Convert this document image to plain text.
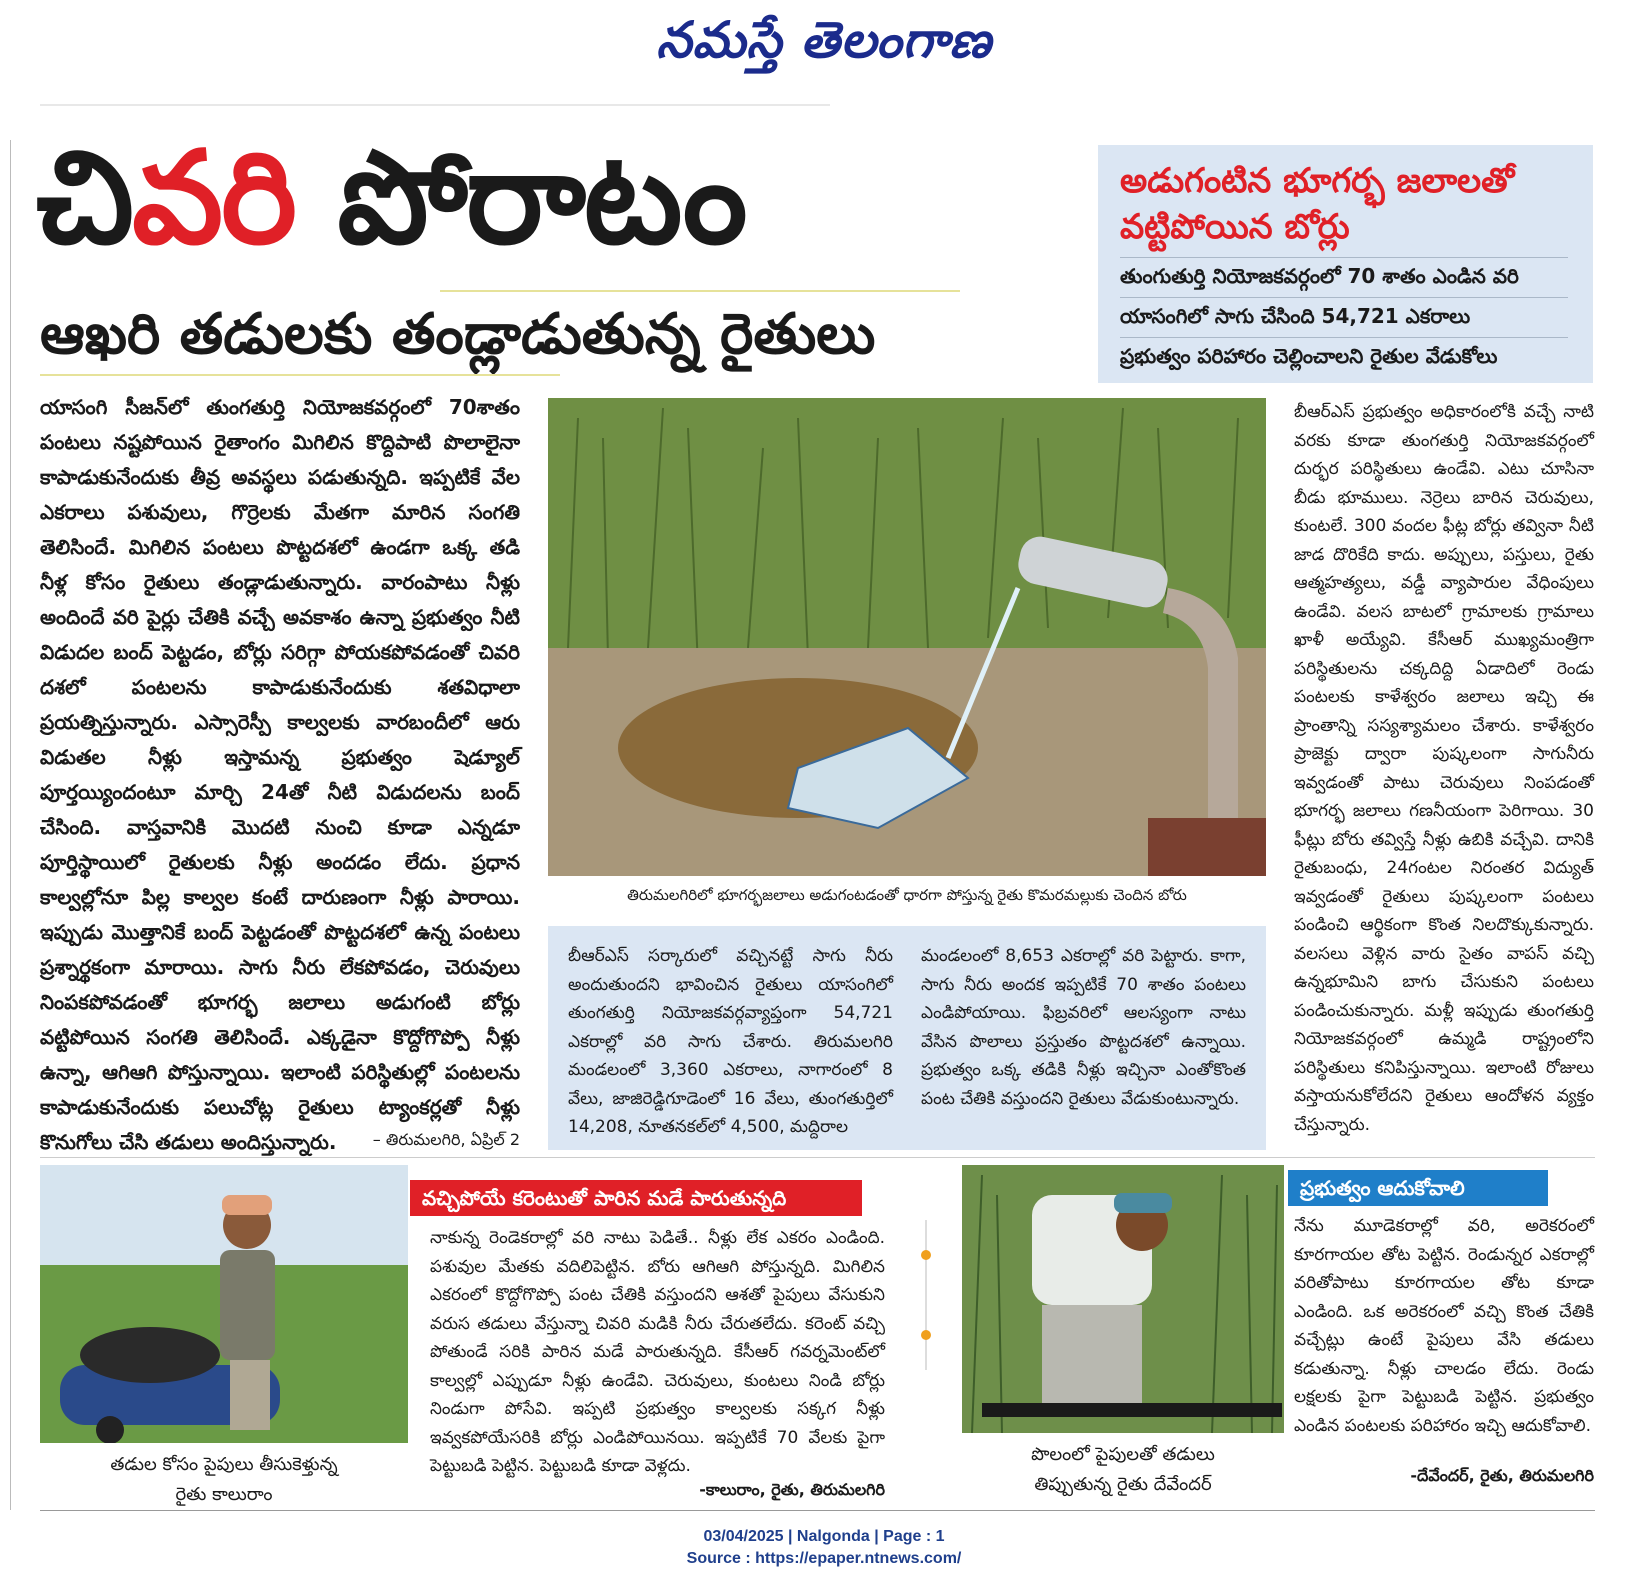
నమస్తే తెలంగాణ
చివరి పోరాటం
ఆఖరి తడులకు తండ్లాడుతున్న రైతులు
అడుగంటిన భూగర్భ జలాలతో వట్టిపోయిన బోర్లు
తుంగుతుర్తి నియోజకవర్గంలో 70 శాతం ఎండిన వరి
యాసంగిలో సాగు చేసింది 54,721 ఎకరాలు
ప్రభుత్వం పరిహారం చెల్లించాలని రైతుల వేడుకోలు
యాసంగి సీజన్‌లో తుంగతుర్తి నియోజకవర్గంలో 70శాతం పంటలు నష్టపోయిన రైతాంగం మిగిలిన కొద్దిపాటి పొలాలైనా కాపాడుకునేందుకు తీవ్ర అవస్థలు పడుతున్నది. ఇప్పటికే వేల ఎకరాలు పశువులు, గొర్రెలకు మేతగా మారిన సంగతి తెలిసిందే. మిగిలిన పంటలు పొట్టదశలో ఉండగా ఒక్క తడి నీళ్ల కోసం రైతులు తండ్లాడుతున్నారు. వారంపాటు నీళ్లు అందిందే వరి పైర్లు చేతికి వచ్చే అవకాశం ఉన్నా ప్రభుత్వం నీటి విడుదల బంద్ పెట్టడం, బోర్లు సరిగ్గా పోయకపోవడంతో చివరి దశలో పంటలను కాపాడుకునేందుకు శతవిధాలా ప్రయత్నిస్తున్నారు. ఎస్సారెస్పీ కాల్వలకు వారబందీలో ఆరు విడుతల నీళ్లు ఇస్తామన్న ప్రభుత్వం షెడ్యూల్ పూర్తయ్యిందంటూ మార్చి 24తో నీటి విడుదలను బంద్ చేసింది. వాస్తవానికి మొదటి నుంచి కూడా ఎన్నడూ పూర్తిస్థాయిలో రైతులకు నీళ్లు అందడం లేదు. ప్రధాన కాల్వల్లోనూ పిల్ల కాల్వల కంటే దారుణంగా నీళ్లు పారాయి. ఇప్పుడు మొత్తానికే బంద్ పెట్టడంతో పొట్టదశలో ఉన్న పంటలు ప్రశ్నార్థకంగా మారాయి. సాగు నీరు లేకపోవడం, చెరువులు నింపకపోవడంతో భూగర్భ జలాలు అడుగంటి బోర్లు వట్టిపోయిన సంగతి తెలిసిందే. ఎక్కడైనా కొద్దోగొప్పో నీళ్లు ఉన్నా, ఆగిఆగి పోస్తున్నాయి. ఇలాంటి పరిస్థితుల్లో పంటలను కాపాడుకునేందుకు పలుచోట్ల రైతులు ట్యాంకర్లతో నీళ్లు కొనుగోలు చేసి తడులు అందిస్తున్నారు.	– తిరుమలగిరి, ఏప్రిల్ 2
తిరుమలగిరిలో భూగర్భజలాలు అడుగంటడంతో ధారగా పోస్తున్న రైతు కొమరమల్లుకు చెందిన బోరు
బీఆర్‌ఎస్ సర్కారులో వచ్చినట్టే సాగు నీరు అందుతుందని భావించిన రైతులు యాసంగిలో తుంగతుర్తి నియోజకవర్గవ్యాప్తంగా 54,721 ఎకరాల్లో వరి సాగు చేశారు. తిరుమలగిరి మండలంలో 3,360 ఎకరాలు, నాగారంలో 8 వేలు, జాజిరెడ్డిగూడెంలో 16 వేలు, తుంగతుర్తిలో 14,208, నూతనకల్‌లో 4,500, మద్దిరాల
మండలంలో 8,653 ఎకరాల్లో వరి పెట్టారు. కాగా, సాగు నీరు అందక ఇప్పటికే 70 శాతం పంటలు ఎండిపోయాయి. ఫిబ్రవరిలో ఆలస్యంగా నాటు వేసిన పొలాలు ప్రస్తుతం పొట్టదశలో ఉన్నాయి. ప్రభుత్వం ఒక్క తడికి నీళ్లు ఇచ్చినా ఎంతోకొంత పంట చేతికి వస్తుందని రైతులు వేడుకుంటున్నారు.
బీఆర్‌ఎస్ ప్రభుత్వం అధికారంలోకి వచ్చే నాటి వరకు కూడా తుంగతుర్తి నియోజకవర్గంలో దుర్భర పరిస్థితులు ఉండేవి. ఎటు చూసినా బీడు భూములు. నెర్రెలు బారిన చెరువులు, కుంటలే. 300 వందల ఫీట్ల బోర్లు తవ్వినా నీటి జాడ దొరికేది కాదు. అప్పులు, పస్తులు, రైతు ఆత్మహత్యలు, వడ్డీ వ్యాపారుల వేధింపులు ఉండేవి. వలస బాటలో గ్రామాలకు గ్రామాలు ఖాళీ అయ్యేవి. కేసీఆర్ ముఖ్యమంత్రిగా పరిస్థితులను చక్కదిద్ది ఏడాదిలో రెండు పంటలకు కాళేశ్వరం జలాలు ఇచ్చి ఈ ప్రాంతాన్ని సస్యశ్యామలం చేశారు. కాళేశ్వరం ప్రాజెక్టు ద్వారా పుష్కలంగా సాగునీరు ఇవ్వడంతో పాటు చెరువులు నింపడంతో భూగర్భ జలాలు గణనీయంగా పెరిగాయి. 30 ఫీట్లు బోరు తవ్విస్తే నీళ్లు ఉబికి వచ్చేవి. దానికి రైతుబంధు, 24గంటల నిరంతర విద్యుత్ ఇవ్వడంతో రైతులు పుష్కలంగా పంటలు పండించి ఆర్థికంగా కొంత నిలదొక్కుకున్నారు. వలసలు వెళ్లిన వారు సైతం వాపస్ వచ్చి ఉన్నభూమిని బాగు చేసుకుని పంటలు పండించుకున్నారు. మళ్లీ ఇప్పుడు తుంగతుర్తి నియోజకవర్గంలో ఉమ్మడి రాష్ట్రంలోని పరిస్థితులు కనిపిస్తున్నాయి. ఇలాంటి రోజులు వస్తాయనుకోలేదని రైతులు ఆందోళన వ్యక్తం చేస్తున్నారు.
తడుల కోసం పైపులు తీసుకెళ్తున్న
రైతు కాలురాం
వచ్చిపోయే కరెంటుతో పారిన మడే పారుతున్నది
నాకున్న రెండెకరాల్లో వరి నాటు పెడితే.. నీళ్లు లేక ఎకరం ఎండింది. పశువుల మేతకు వదిలిపెట్టిన. బోరు ఆగిఆగి పోస్తున్నది. మిగిలిన ఎకరంలో కొద్దోగొప్పో పంట చేతికి వస్తుందని ఆశతో పైపులు వేసుకుని వరుస తడులు వేస్తున్నా చివరి మడికి నీరు చేరుతలేదు. కరెంట్ వచ్చి పోతుండే సరికి పారిన మడే పారుతున్నది. కేసీఆర్ గవర్నమెంట్‌లో కాల్వల్లో ఎప్పుడూ నీళ్లు ఉండేవి. చెరువులు, కుంటలు నిండి బోర్లు నిండుగా పోసేవి. ఇప్పటి ప్రభుత్వం కాల్వలకు సక్కగ నీళ్లు ఇవ్వకపోయేసరికి బోర్లు ఎండిపోయినయి. ఇప్పటికే 70 వేలకు పైగా పెట్టుబడి పెట్టిన. పెట్టుబడి కూడా వెళ్లదు.
-కాలురాం, రైతు, తిరుమలగిరి
పొలంలో పైపులతో తడులు
తిప్పుతున్న రైతు దేవేందర్
ప్రభుత్వం ఆదుకోవాలి
నేను మూడెకరాల్లో వరి, అరెకరంలో కూరగాయల తోట పెట్టిన. రెండున్నర ఎకరాల్లో వరితోపాటు కూరగాయల తోట కూడా ఎండింది. ఒక అరెకరంలో వచ్చి కొంత చేతికి వచ్చేట్లు ఉంటే పైపులు వేసి తడులు కడుతున్నా. నీళ్లు చాలడం లేదు. రెండు లక్షలకు పైగా పెట్టుబడి పెట్టిన. ప్రభుత్వం ఎండిన పంటలకు పరిహారం ఇచ్చి ఆదుకోవాలి.
-దేవేందర్, రైతు, తిరుమలగిరి
03/04/2025 | Nalgonda | Page : 1
Source : https://epaper.ntnews.com/
